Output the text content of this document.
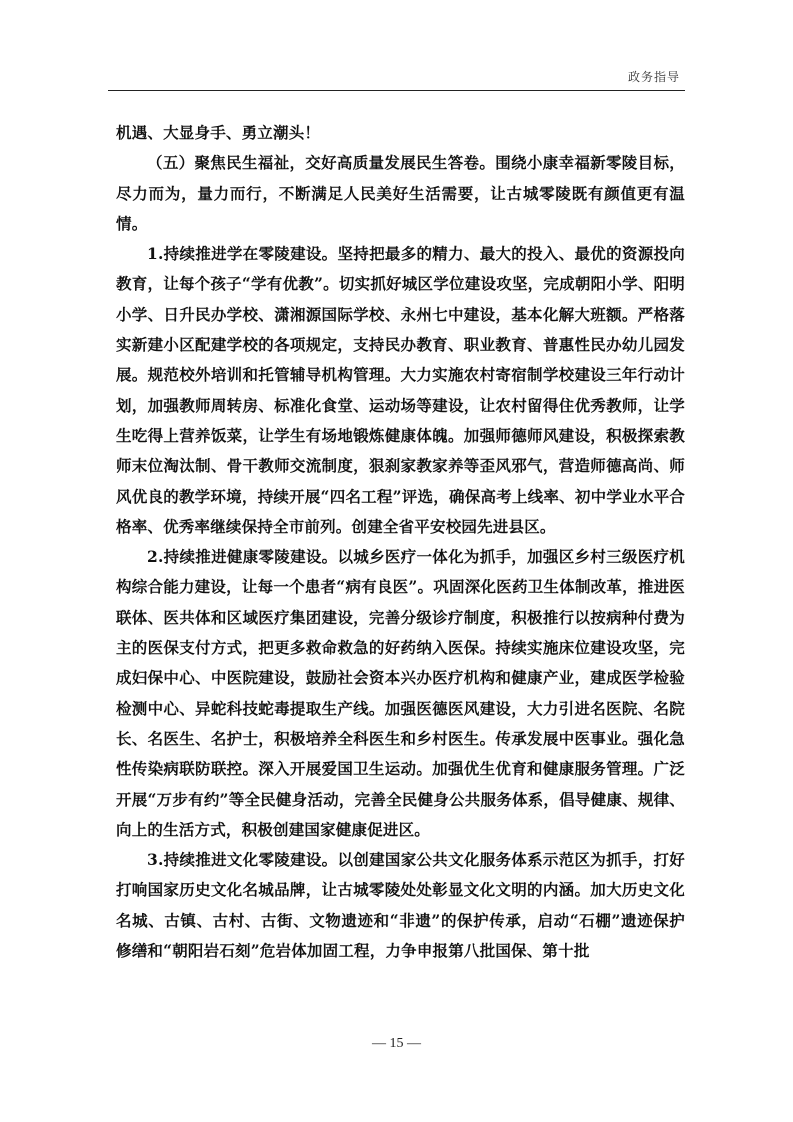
政务指导

机遇、大显身手、勇立潮头！

（五）聚焦民生福祉，交好高质量发展民生答卷。围绕小康幸福新零陵目标，尽力而为，量力而行，不断满足人民美好生活需要，让古城零陵既有颜值更有温情。

1.持续推进学在零陵建设。坚持把最多的精力、最大的投入、最优的资源投向教育，让每个孩子“学有优教”。切实抓好城区学位建设攻坚，完成朝阳小学、阳明小学、日升民办学校、潇湘源国际学校、永州七中建设，基本化解大班额。严格落实新建小区配建学校的各项规定，支持民办教育、职业教育、普惠性民办幼儿园发展。规范校外培训和托管辅导机构管理。大力实施农村寄宿制学校建设三年行动计划，加强教师周转房、标准化食堂、运动场等建设，让农村留得住优秀教师，让学生吃得上营养饭菜，让学生有场地锻炼健康体魄。加强师德师风建设，积极探索教师末位淘汰制、骨干教师交流制度，狠刹家教家养等歪风邪气，营造师德高尚、师风优良的教学环境，持续开展“四名工程”评选，确保高考上线率、初中学业水平合格率、优秀率继续保持全市前列。创建全省平安校园先进县区。

2.持续推进健康零陵建设。以城乡医疗一体化为抓手，加强区乡村三级医疗机构综合能力建设，让每一个患者“病有良医”。巩固深化医药卫生体制改革，推进医联体、医共体和区域医疗集团建设，完善分级诊疗制度，积极推行以按病种付费为主的医保支付方式，把更多救命救急的好药纳入医保。持续实施床位建设攻坚，完成妇保中心、中医院建设，鼓励社会资本兴办医疗机构和健康产业，建成医学检验检测中心、异蛇科技蛇毒提取生产线。加强医德医风建设，大力引进名医院、名院长、名医生、名护士，积极培养全科医生和乡村医生。传承发展中医事业。强化急性传染病联防联控。深入开展爱国卫生运动。加强优生优育和健康服务管理。广泛开展“万步有约”等全民健身活动，完善全民健身公共服务体系，倡导健康、规律、向上的生活方式，积极创建国家健康促进区。

3.持续推进文化零陵建设。以创建国家公共文化服务体系示范区为抓手，打好打响国家历史文化名城品牌，让古城零陵处处彰显文化文明的内涵。加大历史文化名城、古镇、古村、古街、文物遗迹和“非遗”的保护传承，启动“石棚”遗迹保护修缮和“朝阳岩石刻”危岩体加固工程，力争申报第八批国保、第十批

— 15 —
